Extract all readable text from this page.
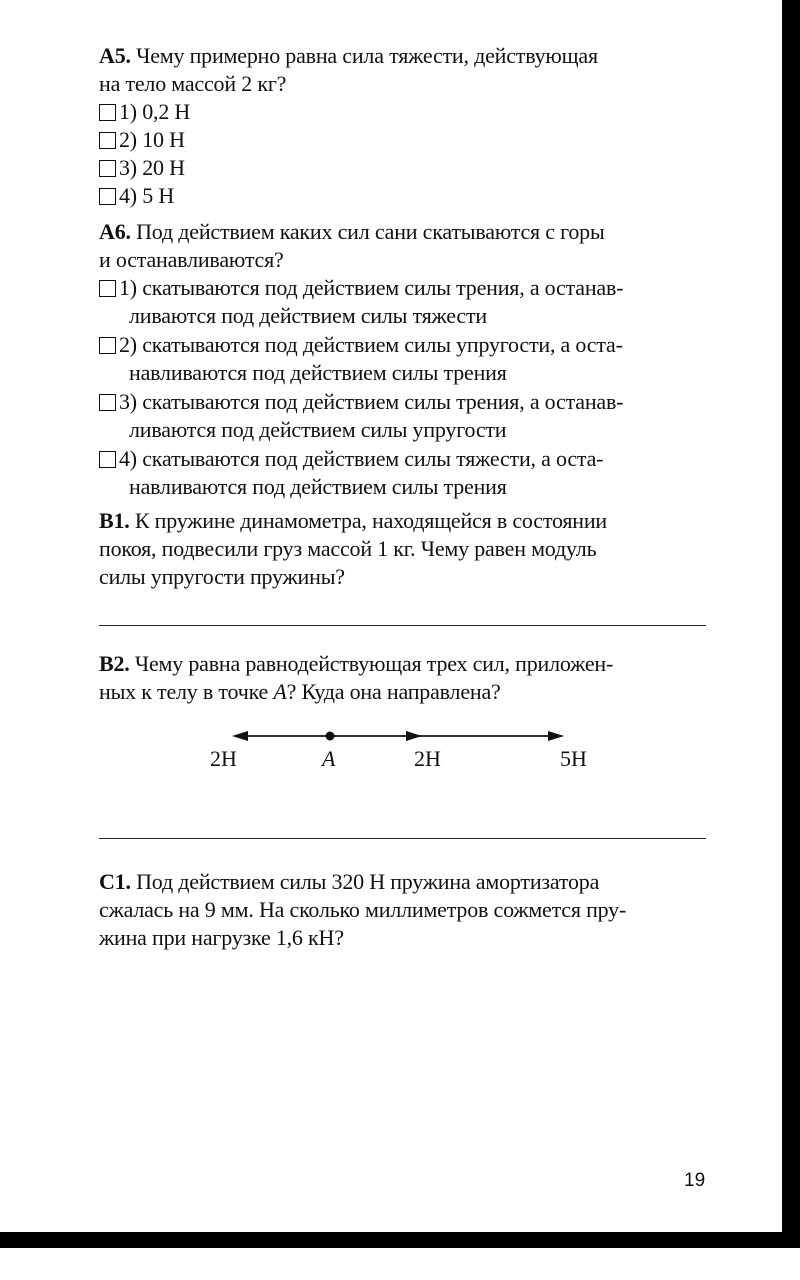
А5. Чему примерно равна сила тяжести, действующая
на тело массой 2 кг?
1) 0,2 Н
2) 10 Н
3) 20 Н
4) 5 Н
А6. Под действием каких сил сани скатываются с горы
и останавливаются?
1) скатываются под действием силы трения, а останав-
ливаются под действием силы тяжести
2) скатываются под действием силы упругости, а оста-
навливаются под действием силы трения
3) скатываются под действием силы трения, а останав-
ливаются под действием силы упругости
4) скатываются под действием силы тяжести, а оста-
навливаются под действием силы трения
В1. К пружине динамометра, находящейся в состоянии
покоя, подвесили груз массой 1 кг. Чему равен модуль
силы упругости пружины?
В2. Чему равна равнодействующая трех сил, приложен-
ных к телу в точке A? Куда она направлена?
2Н	A	2Н	5Н
С1. Под действием силы 320 Н пружина амортизатора
сжалась на 9 мм. На сколько миллиметров сожмется пру-
жина при нагрузке 1,6 кН?
19
